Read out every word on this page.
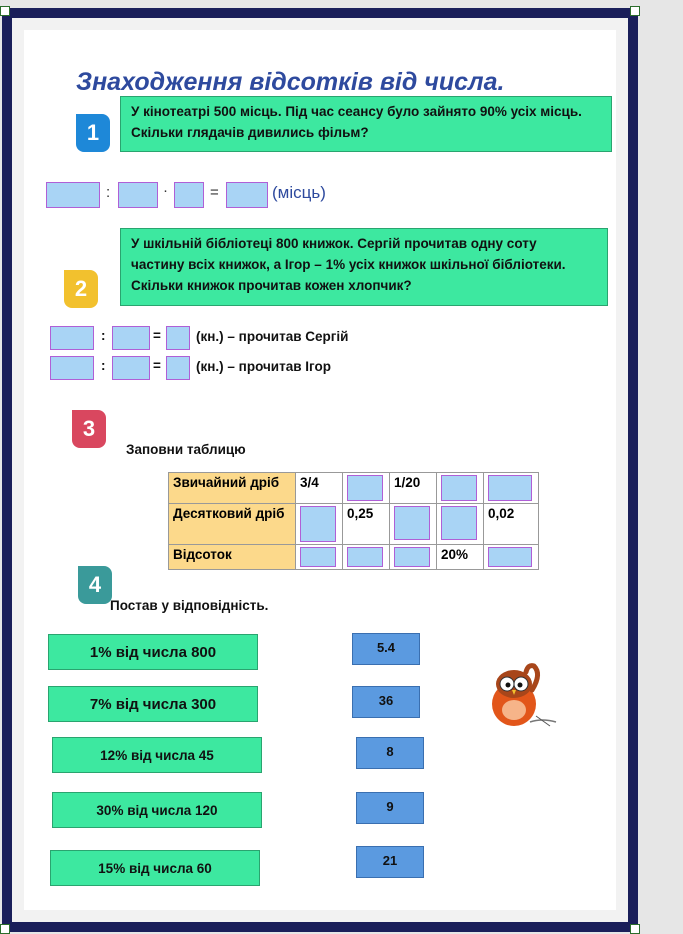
Знаходження відсотків від числа.
1
У кінотеатрі 500 місць. Під час сеансу було зайнято 90% усіх місць.
Скільки глядачів дивились фільм?
:	·	=	(місць)
У шкільній бібліотеці 800 книжок. Сергій прочитав одну соту
частину всіх книжок, а Ігор – 1% усіх книжок шкільної бібліотеки.
Скільки книжок прочитав кожен хлопчик?
2
:	=	(кн.) – прочитав Сергій
:	=	(кн.) – прочитав Ігор
3
Заповни таблицю
Звичайний дріб	3/4		1/20	

Десятковий дріб		0,25			0,02
Відсоток				20%	
4
Постав у відповідність.
1% від числа 800
7% від числа 300
12% від числа 45
30% від числа 120
15% від числа 60
5.4
36
8
9
21
